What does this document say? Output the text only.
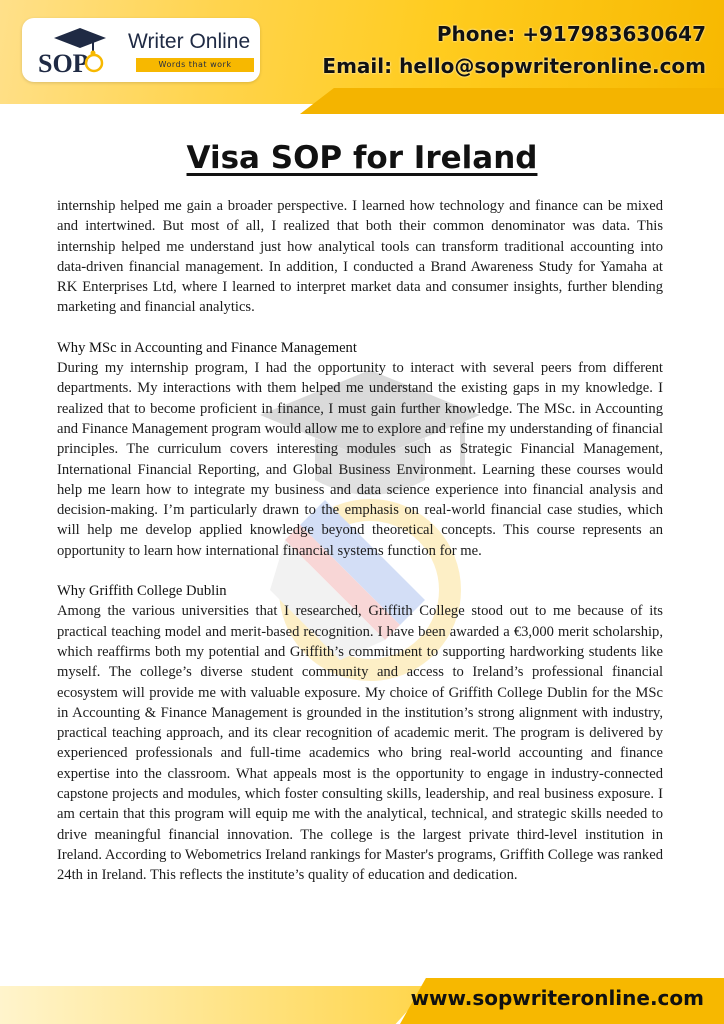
SOP
Writer Online
Words that work
Phone: +917983630647
Email: hello@sopwriteronline.com
Visa SOP for Ireland

internship helped me gain a broader perspective. I learned how technology and finance can be mixed and intertwined. But most of all, I realized that both their common denominator was data. This internship helped me understand just how analytical tools can transform traditional accounting into data-driven financial management. In addition, I conducted a Brand Awareness Study for Yamaha at RK Enterprises Ltd, where I learned to interpret market data and consumer insights, further blending marketing and financial analytics.

Why MSc in Accounting and Finance Management

During my internship program, I had the opportunity to interact with several peers from different departments. My interactions with them helped me understand the existing gaps in my knowledge. I realized that to become proficient in finance, I must gain further knowledge. The MSc. in Accounting and Finance Management program would allow me to explore and refine my understanding of financial principles. The curriculum covers interesting modules such as Strategic Financial Management, International Financial Reporting, and Global Business Environment. Learning these courses would help me learn how to integrate my business and data science experience into financial analysis and decision-making. I’m particularly drawn to the emphasis on real-world financial case studies, which will help me develop applied knowledge beyond theoretical concepts. This course represents an opportunity to learn how international financial systems function for me.

Why Griffith College Dublin

Among the various universities that I researched, Griffith College stood out to me because of its practical teaching model and merit-based recognition. I have been awarded a €3,000 merit scholarship, which reaffirms both my potential and Griffith’s commitment to supporting hardworking students like myself. The college’s diverse student community and access to Ireland’s professional financial ecosystem will provide me with valuable exposure. My choice of Griffith College Dublin for the MSc in Accounting & Finance Management is grounded in the institution’s strong alignment with industry, practical teaching approach, and its clear recognition of academic merit. The program is delivered by experienced professionals and full-time academics who bring real-world accounting and finance expertise into the classroom. What appeals most is the opportunity to engage in industry-connected capstone projects and modules, which foster consulting skills, leadership, and real business exposure. I am certain that this program will equip me with the analytical, technical, and strategic skills needed to drive meaningful financial innovation. The college is the largest private third-level institution in Ireland. According to Webometrics Ireland rankings for Master's programs, Griffith College was ranked 24th in Ireland. This reflects the institute’s quality of education and dedication.

www.sopwriteronline.com
